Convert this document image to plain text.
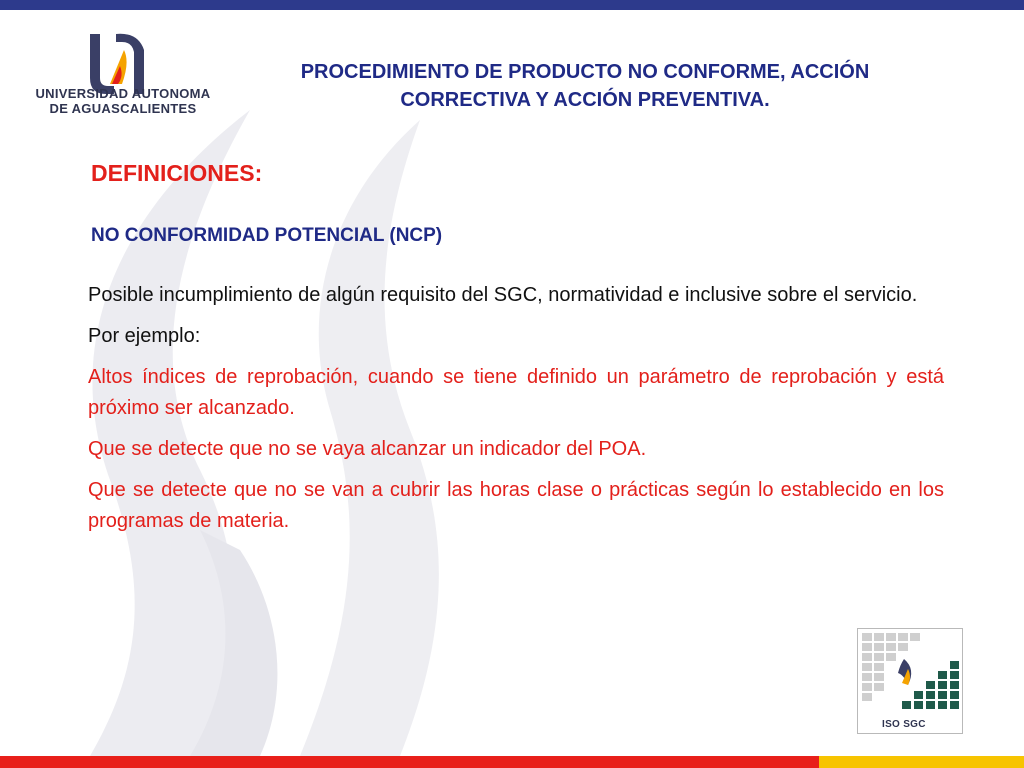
UNIVERSIDAD AUTONOMA
DE AGUASCALIENTES
PROCEDIMIENTO DE PRODUCTO NO CONFORME, ACCIÓN
CORRECTIVA Y ACCIÓN PREVENTIVA.
DEFINICIONES:
NO CONFORMIDAD POTENCIAL (NCP)

Posible incumplimiento de algún requisito del SGC, normatividad e inclusive sobre el servicio.

Por ejemplo:

Altos índices de reprobación, cuando se tiene definido un parámetro de reprobación y está próximo ser alcanzado.

Que se detecte que no se vaya alcanzar un indicador del POA.

Que se detecte que no se van a cubrir las horas clase o prácticas según lo establecido en los programas de materia.

ISO SGC
